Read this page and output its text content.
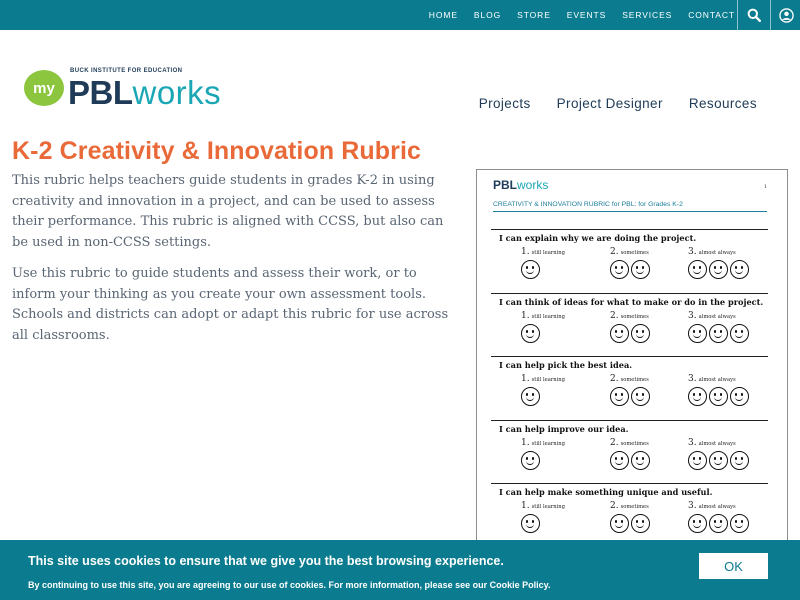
HOME BLOG STORE EVENTS SERVICES CONTACT
my
BUCK INSTITUTE FOR EDUCATION
PBLworks	Projects Project Designer Resources
K-2 Creativity & Innovation Rubric

This rubric helps teachers guide students in grades K-2 in using creativity and innovation in a project, and can be used to assess their performance. This rubric is aligned with CCSS, but also can be used in non-CCSS settings.

Use this rubric to guide students and assess their work, or to inform your thinking as you create your own assessment tools. Schools and districts can adopt or adapt this rubric for use across all classrooms.

PBLworks	1
CREATIVITY & INNOVATION RUBRIC for PBL: for Grades K-2
I can explain why we are doing the project.
1. still learning	2. sometimes	3. almost always
I can think of ideas for what to make or do in the project.
1. still learning	2. sometimes	3. almost always
I can help pick the best idea.
1. still learning	2. sometimes	3. almost always
I can help improve our idea.
1. still learning	2. sometimes	3. almost always
I can help make something unique and useful.
1. still learning	2. sometimes	3. almost always
This site uses cookies to ensure that we give you the best browsing experience.
By continuing to use this site, you are agreeing to our use of cookies. For more information, please see our Cookie Policy.
OK
